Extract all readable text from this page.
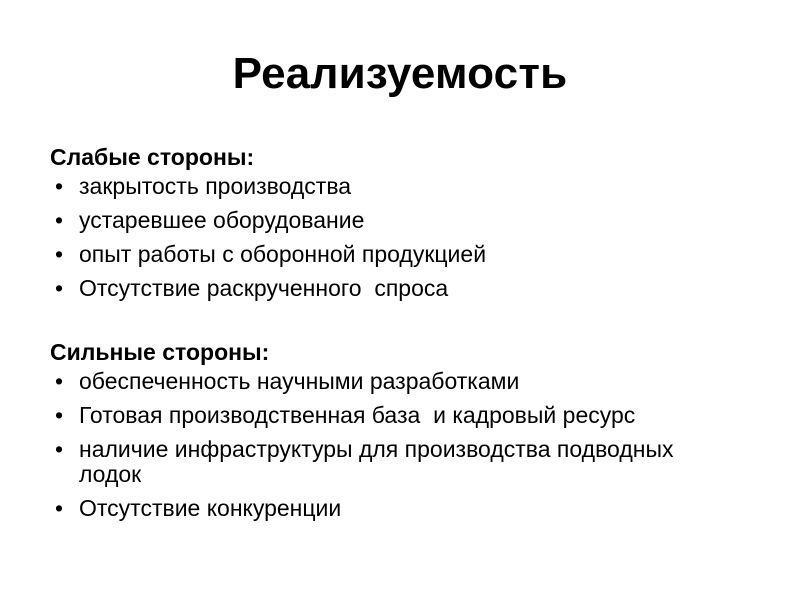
Реализуемость

Слабые стороны:

• закрытость производства
• устаревшее оборудование
• опыт работы с оборонной продукцией
• Отсутствие раскрученного  спроса

Сильные стороны:

• обеспеченность научными разработками
• Готовая производственная база  и кадровый ресурс
• наличие инфраструктуры для производства подводных лодок
• Отсутствие конкуренции
